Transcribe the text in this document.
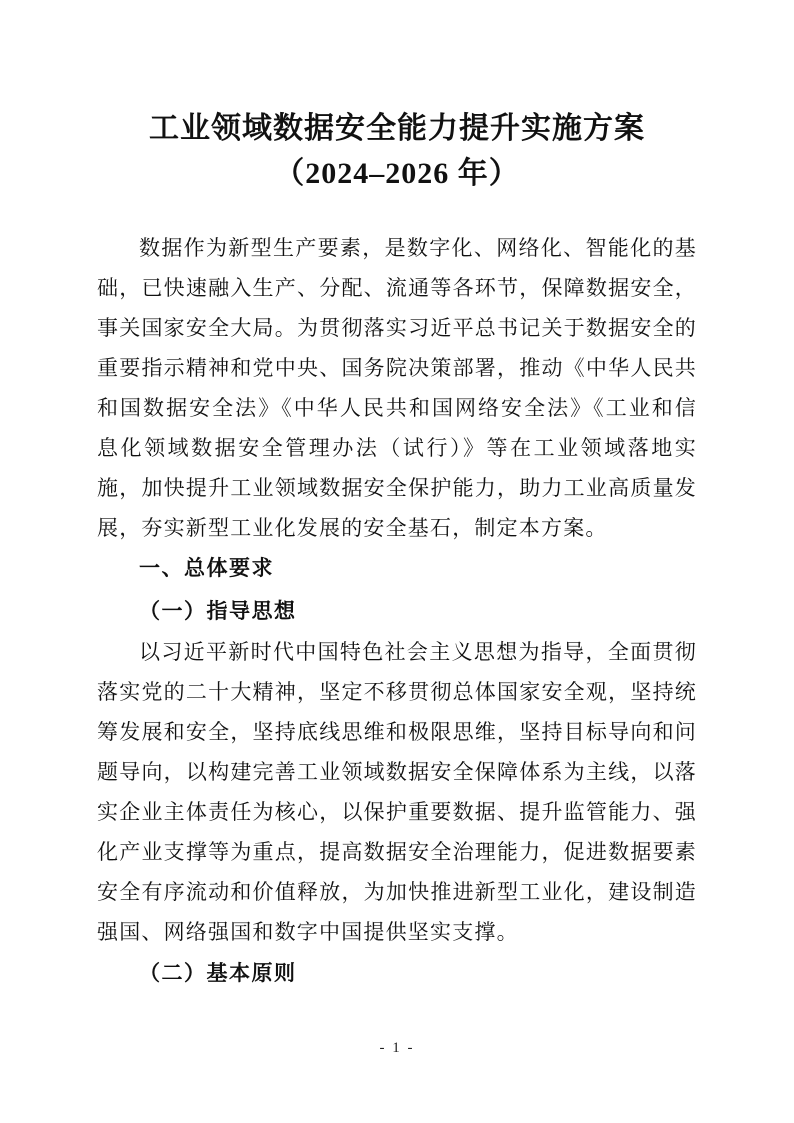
工业领域数据安全能力提升实施方案
（2024–2026 年）

数据作为新型生产要素，是数字化、网络化、智能化的基础，已快速融入生产、分配、流通等各环节，保障数据安全，事关国家安全大局。为贯彻落实习近平总书记关于数据安全的重要指示精神和党中央、国务院决策部署，推动《中华人民共和国数据安全法》《中华人民共和国网络安全法》《工业和信息化领域数据安全管理办法（试行）》等在工业领域落地实施，加快提升工业领域数据安全保护能力，助力工业高质量发展，夯实新型工业化发展的安全基石，制定本方案。

一、总体要求
（一）指导思想

以习近平新时代中国特色社会主义思想为指导，全面贯彻落实党的二十大精神，坚定不移贯彻总体国家安全观，坚持统筹发展和安全，坚持底线思维和极限思维，坚持目标导向和问题导向，以构建完善工业领域数据安全保障体系为主线，以落实企业主体责任为核心，以保护重要数据、提升监管能力、强化产业支撑等为重点，提高数据安全治理能力，促进数据要素安全有序流动和价值释放，为加快推进新型工业化，建设制造强国、网络强国和数字中国提供坚实支撑。

（二）基本原则
- 1 -
